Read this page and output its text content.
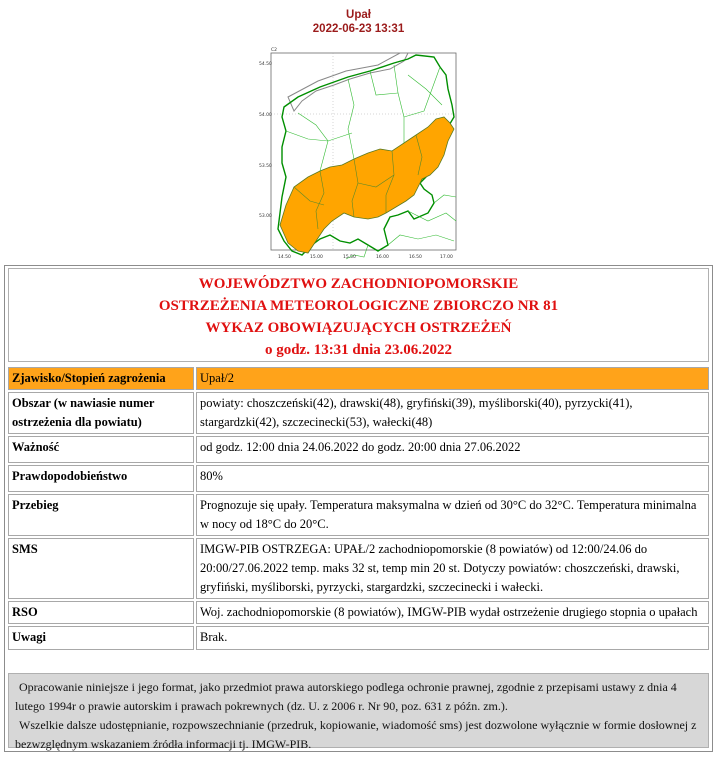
Upał
2022-06-23 13:31
C2
54.50
54.00
53.50
53.00
14.50	15.00	15.50	16.00	16.50	17.00
WOJEWÓDZTWO ZACHODNIOPOMORSKIE
OSTRZEŻENIA METEOROLOGICZNE ZBIORCZO NR 81
WYKAZ OBOWIĄZUJĄCYCH OSTRZEŻEŃ
o godz. 13:31 dnia 23.06.2022
Zjawisko/Stopień zagrożenia	Upał/2
Obszar (w nawiasie numer ostrzeżenia dla powiatu)	powiaty: choszczeński(42), drawski(48), gryfiński(39), myśliborski(40), pyrzycki(41), stargardzki(42), szczecinecki(53), wałecki(48)
Ważność	od godz. 12:00 dnia 24.06.2022 do godz. 20:00 dnia 27.06.2022
Prawdopodobieństwo	80%
Przebieg	Prognozuje się upały. Temperatura maksymalna w dzień od 30°C do 32°C. Temperatura minimalna w nocy od 18°C do 20°C.
SMS	IMGW-PIB OSTRZEGA: UPAŁ/2 zachodniopomorskie (8 powiatów) od 12:00/24.06 do 20:00/27.06.2022 temp. maks 32 st, temp min 20 st. Dotyczy powiatów: choszczeński, drawski, gryfiński, myśliborski, pyrzycki, stargardzki, szczecinecki i wałecki.
RSO	Woj. zachodniopomorskie (8 powiatów), IMGW-PIB wydał ostrzeżenie drugiego stopnia o upałach
Uwagi	Brak.

Opracowanie niniejsze i jego format, jako przedmiot prawa autorskiego podlega ochronie prawnej, zgodnie z przepisami ustawy z dnia 4 lutego 1994r o prawie autorskim i prawach pokrewnych (dz. U. z 2006 r. Nr 90, poz. 631 z późn. zm.).

Wszelkie dalsze udostępnianie, rozpowszechnianie (przedruk, kopiowanie, wiadomość sms) jest dozwolone wyłącznie w formie dosłownej z bezwzględnym wskazaniem źródła informacji tj. IMGW-PIB.
